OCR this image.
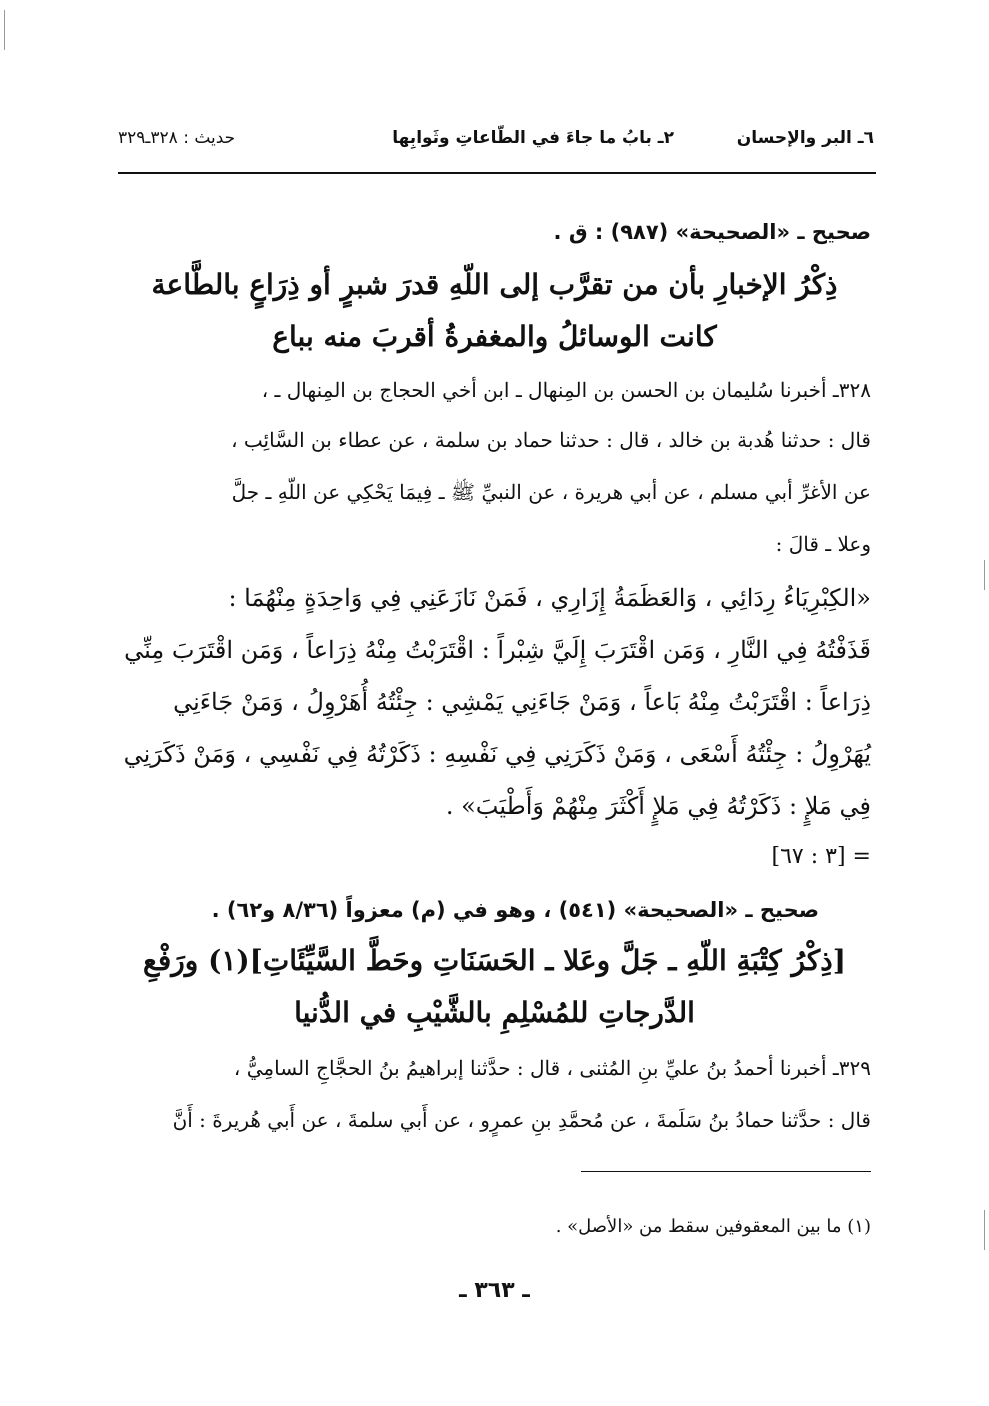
٦ـ البر والإحسان
٢ـ بابُ ما جاءَ في الطّاعاتِ وثَوابِها
حديث : ٣٢٨ـ٣٢٩
صحيح ـ «الصحيحة» (٩٨٧) : ق .
ذِكْرُ الإخبارِ بأن من تقرَّب إلى اللّهِ قدرَ شبرٍ أو ذِرَاعٍ بالطَّاعة
كانت الوسائلُ والمغفرةُ أقربَ منه بباع
٣٢٨ـ أخبرنا سُليمان بن الحسن بن المِنهال ـ ابن أخي الحجاج بن المِنهال ـ ،
قال : حدثنا هُدبة بن خالد ، قال : حدثنا حماد بن سلمة ، عن عطاء بن السَّائِب ،
عن الأغرِّ أبي مسلم ، عن أبي هريرة ، عن النبيِّ ﷺ ـ فِيمَا يَحْكِي عن اللّهِ ـ جلَّ
وعلا ـ قالَ :
«الكِبْرِيَاءُ رِدَائِي ، وَالعَظَمَةُ إِزَارِي ، فَمَنْ نَازَعَنِي فِي وَاحِدَةٍ مِنْهُمَا :
قَذَفْتُهُ فِي النَّارِ ، وَمَن اقْتَرَبَ إِلَيَّ شِبْراً : اقْتَرَبْتُ مِنْهُ ذِرَاعاً ، وَمَن اقْتَرَبَ مِنِّي
ذِرَاعاً : اقْتَرَبْتُ مِنْهُ بَاعاً ، وَمَنْ جَاءَنِي يَمْشِي : جِئْتُهُ أُهَرْوِلُ ، وَمَنْ جَاءَنِي
يُهَرْوِلُ : جِئْتُهُ أَسْعَى ، وَمَنْ ذَكَرَنِي فِي نَفْسِهِ : ذَكَرْتُهُ فِي نَفْسِي ، وَمَنْ ذَكَرَنِي
فِي مَلإٍ : ذَكَرْتُهُ فِي مَلإٍ أَكْثَرَ مِنْهُمْ وَأَطْيَبَ» .
= [٣ : ٦٧]
صحيح ـ «الصحيحة» (٥٤١) ، وهو في (م) معزواً (٨/٣٦ و٦٢) .
[ذِكْرُ كِتْبَةِ اللّهِ ـ جَلَّ وعَلا ـ الحَسَنَاتِ وحَطَّ السَّيِّئَاتِ](١) ورَفْعِ
الدَّرجاتِ للمُسْلِمِ بالشَّيْبِ في الدُّنيا
٣٢٩ـ أخبرنا أحمدُ بنُ عليِّ بنِ المُثنى ، قال : حدَّثنا إبراهيمُ بنُ الحجَّاجِ السامِيُّ ،
قال : حدَّثنا حمادُ بنُ سَلَمةَ ، عن مُحمَّدِ بنِ عمرٍو ، عن أَبي سلمةَ ، عن أَبي هُريرةَ : أَنَّ
(١) ما بين المعقوفين سقط من «الأصل» .
ـ ٣٦٣ ـ
